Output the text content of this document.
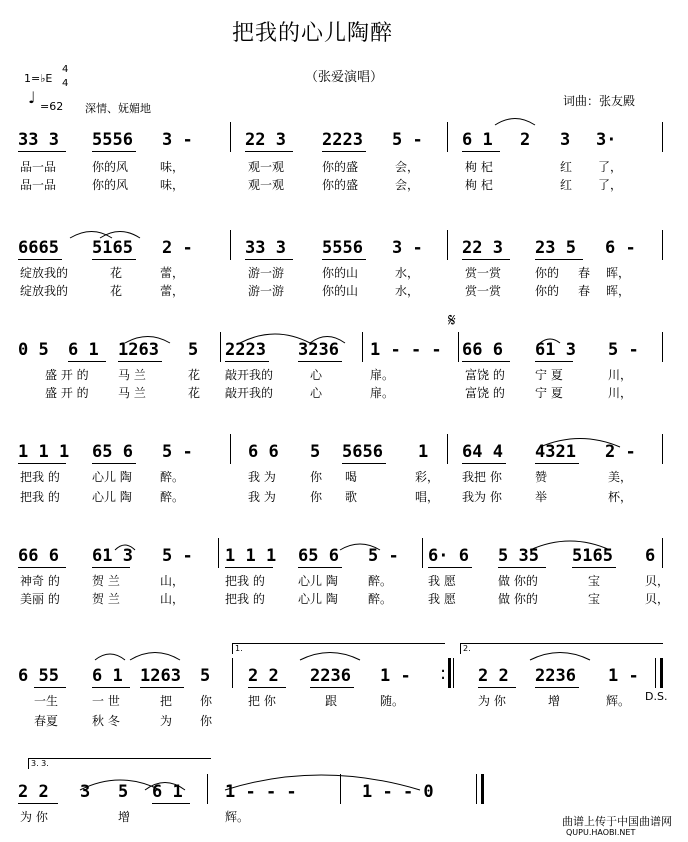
把我的心儿陶醉
（张爱演唱）
1=♭E
4
4
♩ =62 深情、妩媚地
词曲：张友殿
𝄋
33 3 5556 3 -	22 3 2223 5 - 6 1 2 3 3·
品一品	你的风	味，	观一观	你的盛	会，	枸 杞	红 了，
品一品	你的风	味，	观一观	你的盛	会，	枸 杞	红 了，
6665 5165 2 -	33 3 5556 3 - 22 3 23 5 6 -
绽放我的	花	蕾，	游一游	你的山	水，	赏一赏	你的 春 晖，
绽放我的	花	蕾，	游一游	你的山	水，	赏一赏	你的 春 晖，
0 5 6 1 1263 5 2223 3236 1 - - - 66 6 61 3 5 -
盛 开 的 马 兰	花 敲开我的	心	扉。	富饶 的	宁 夏	川，
盛 开 的 马 兰	花 敲开我的	心	扉。	富饶 的	宁 夏	川，
1 1 1 65 6 5 -	6 6 5 5656 1 64 4 4321 2 -
把我 的	心儿 陶 醉。	我 为	你 喝	彩， 我把 你	赞	美，
把我 的	心儿 陶 醉。	我 为	你 歌	唱， 我为 你	举	杯，
66 6 61 3 5 - 1 1 1 65 6 5 - 6· 6 5 35 5165 6
神奇 的	贺 兰	山，	把我 的	心儿 陶	醉。	我 愿	做 你的	宝	贝，
美丽 的	贺 兰	山，	把我 的	心儿 陶	醉。	我 愿	做 你的	宝	贝，
1.	2.
6 55 6 1 1263 5 2 2 2236 1 - : 2 2 2236 1 -
一生	一 世	把 你	把 你	跟	随。	为 你	增	辉。 D.S.
春夏	秋 冬	为 你
3. 3.
2 2 3 5 6 1 1 - - -	1 - - 0
为 你	增	辉。	曲谱上传于中国曲谱网
QUPU.HAOBI.NET
